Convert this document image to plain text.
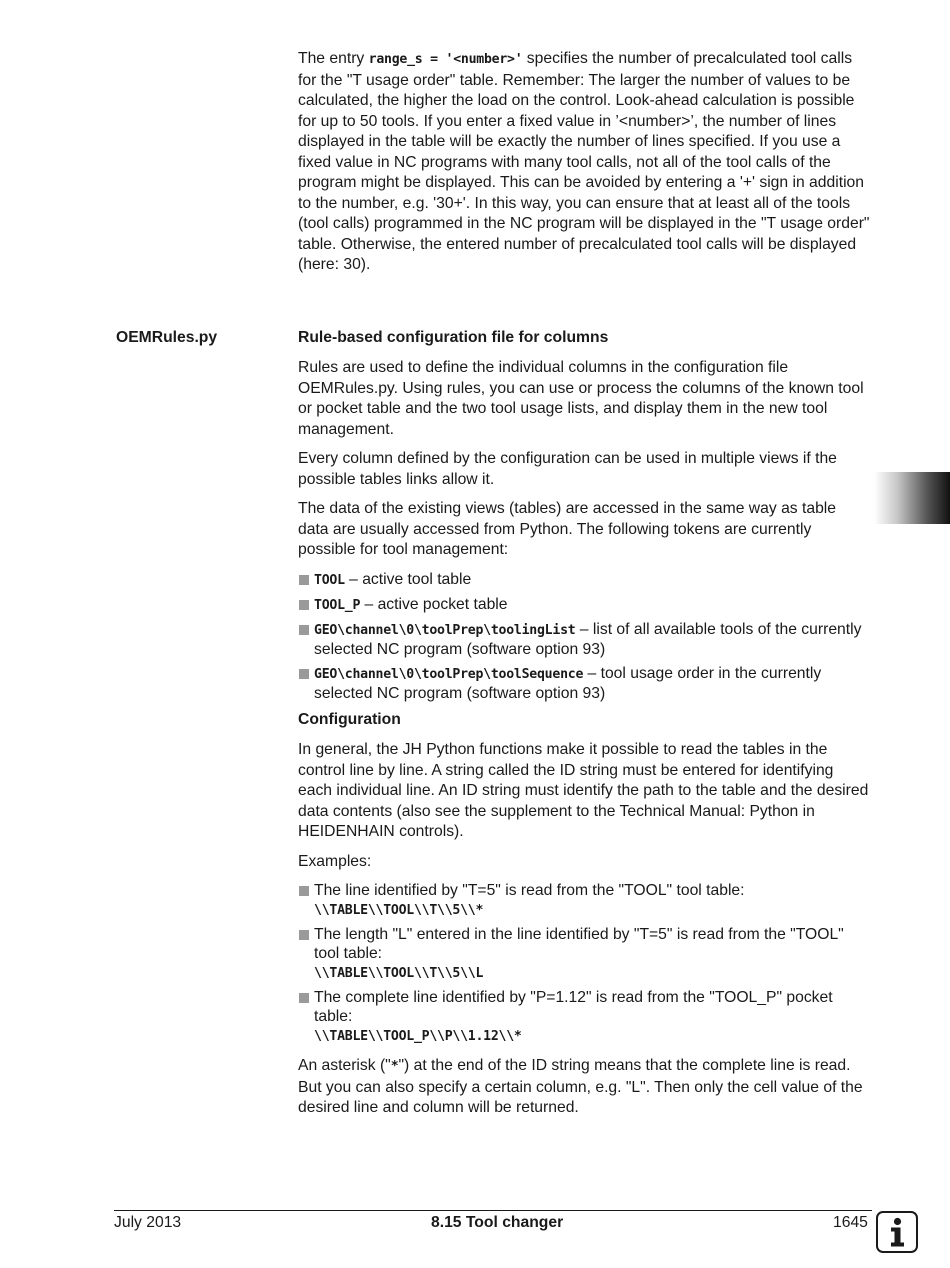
The entry range_s = '<number>' specifies the number of precalculated tool calls for the "T usage order" table. Remember: The larger the number of values to be calculated, the higher the load on the control. Look-ahead calculation is possible for up to 50 tools. If you enter a fixed value in ’<number>’, the number of lines displayed in the table will be exactly the number of lines specified. If you use a fixed value in NC programs with many tool calls, not all of the tool calls of the program might be displayed. This can be avoided by entering a '+' sign in addition to the number, e.g. '30+'. In this way, you can ensure that at least all of the tools (tool calls) programmed in the NC program will be displayed in the "T usage order" table. Otherwise, the entered number of precalculated tool calls will be displayed (here: 30).

OEMRules.py	Rule-based configuration file for columns

Rules are used to define the individual columns in the configuration file OEMRules.py. Using rules, you can use or process the columns of the known tool or pocket table and the two tool usage lists, and display them in the new tool management.

Every column defined by the configuration can be used in multiple views if the possible tables links allow it.

The data of the existing views (tables) are accessed in the same way as table data are usually accessed from Python. The following tokens are currently possible for tool management:

TOOL – active tool table
TOOL_P – active pocket table
GEO\channel\0\toolPrep\toolingList – list of all available tools of the currently selected NC program (software option 93)
GEO\channel\0\toolPrep\toolSequence – tool usage order in the currently selected NC program (software option 93)
Configuration

In general, the JH Python functions make it possible to read the tables in the control line by line. A string called the ID string must be entered for identifying each individual line. An ID string must identify the path to the table and the desired data contents (also see the supplement to the Technical Manual: Python in HEIDENHAIN controls).

Examples:

The line identified by "T=5" is read from the "TOOL" tool table:
\\TABLE\\TOOL\\T\\5\\*
The length "L" entered in the line identified by "T=5" is read from the "TOOL" tool table:
\\TABLE\\TOOL\\T\\5\\L
The complete line identified by "P=1.12" is read from the "TOOL_P" pocket table:
\\TABLE\\TOOL_P\\P\\1.12\\*

An asterisk ("*") at the end of the ID string means that the complete line is read. But you can also specify a certain column, e.g. "L". Then only the cell value of the desired line and column will be returned.

July 2013	8.15 Tool changer	1645
